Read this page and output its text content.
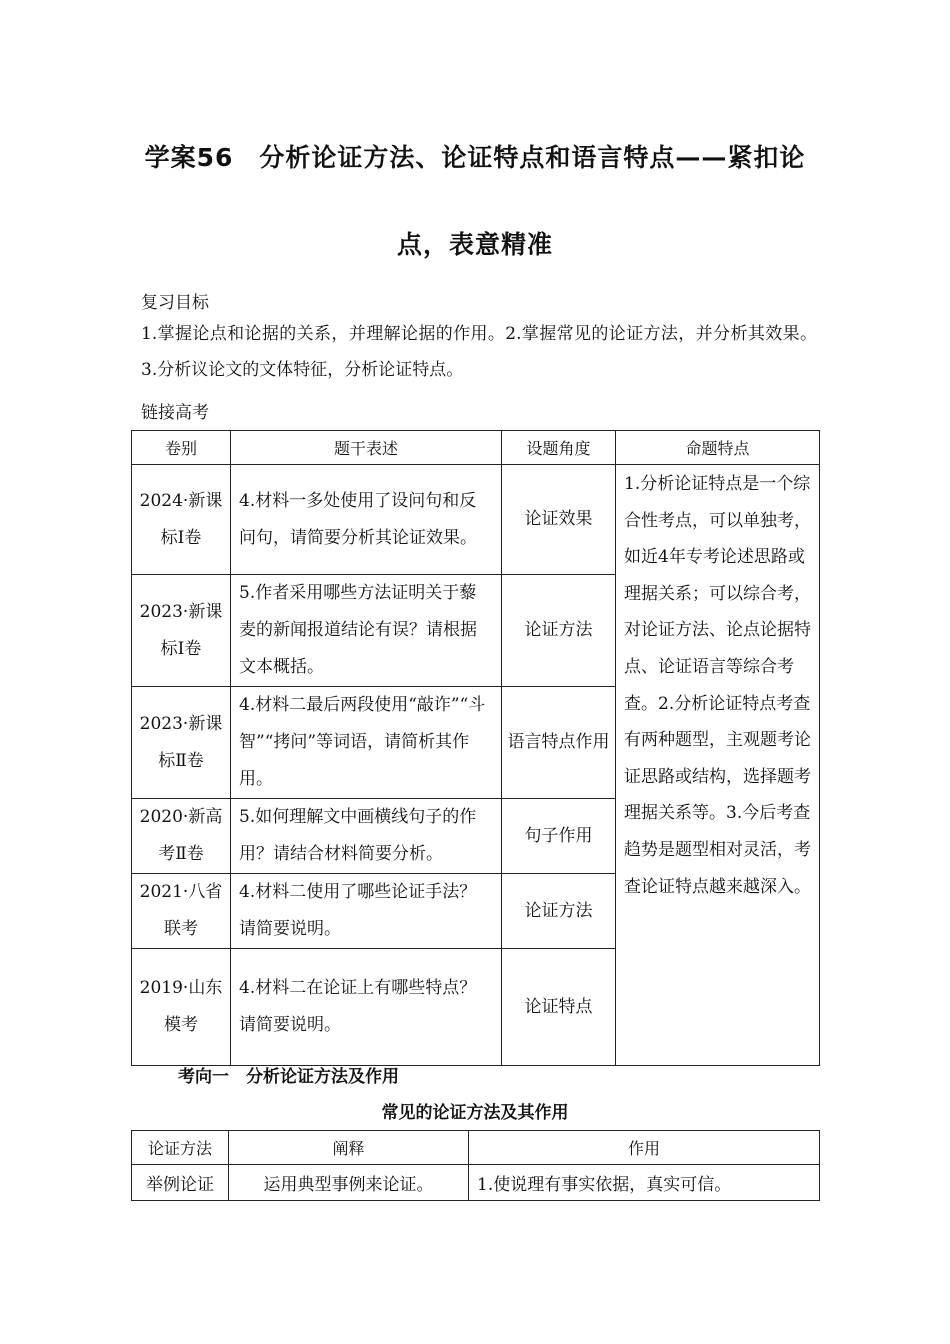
学案56　分析论证方法、论证特点和语言特点——紧扣论
点，表意精准
复习目标
1.掌握论点和论据的关系，并理解论据的作用。2.掌握常见的论证方法，并分析其效果。3.分析议论文的文体特征，分析论证特点。
链接高考
卷别	题干表述	设题角度	命题特点
2024·新课标Ⅰ卷	4.材料一多处使用了设问句和反问句，请简要分析其论证效果。	论证效果	1.分析论证特点是一个综合性考点，可以单独考，如近4年专考论述思路或理据关系；可以综合考，对论证方法、论点论据特点、论证语言等综合考查。2.分析论证特点考查有两种题型，主观题考论证思路或结构，选择题考理据关系等。3.今后考查趋势是题型相对灵活，考查论证特点越来越深入。
2023·新课标Ⅰ卷	5.作者采用哪些方法证明关于藜麦的新闻报道结论有误？请根据文本概括。	论证方法	
2023·新课标Ⅱ卷	4.材料二最后两段使用“敲诈”“斗智”“拷问”等词语，请简析其作用。	语言特点作用	
2020·新高考Ⅱ卷	5.如何理解文中画横线句子的作用？请结合材料简要分析。	句子作用	
2021·八省联考	4.材料二使用了哪些论证手法？请简要说明。	论证方法	
2019·山东模考	4.材料二在论证上有哪些特点？请简要说明。	论证特点	
考向一　分析论证方法及作用
常见的论证方法及其作用
论证方法	阐释	作用
举例论证	运用典型事例来论证。	1.使说理有事实依据，真实可信。
